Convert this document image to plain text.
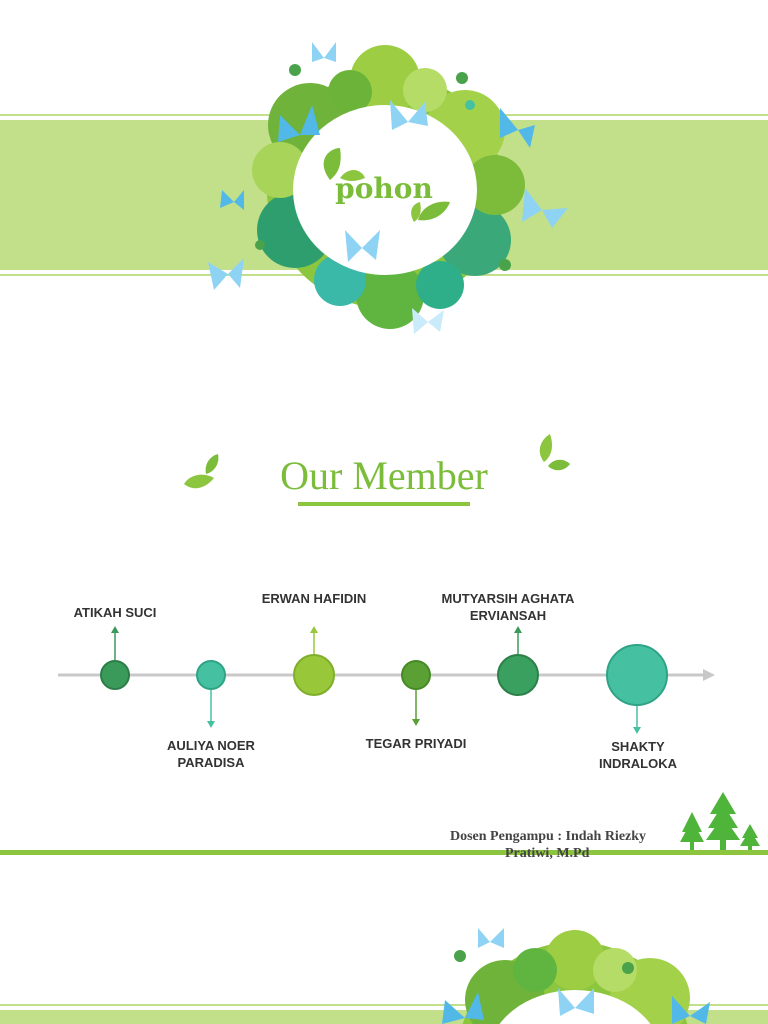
pohon
Our Member
ATIKAH SUCI
AULIYA NOER
PARADISA
ERWAN HAFIDIN
TEGAR PRIYADI
MUTYARSIH AGHATA
ERVIANSAH
SHAKTY
INDRALOKA
Dosen Pengampu : Indah Riezky
Pratiwi, M.Pd
